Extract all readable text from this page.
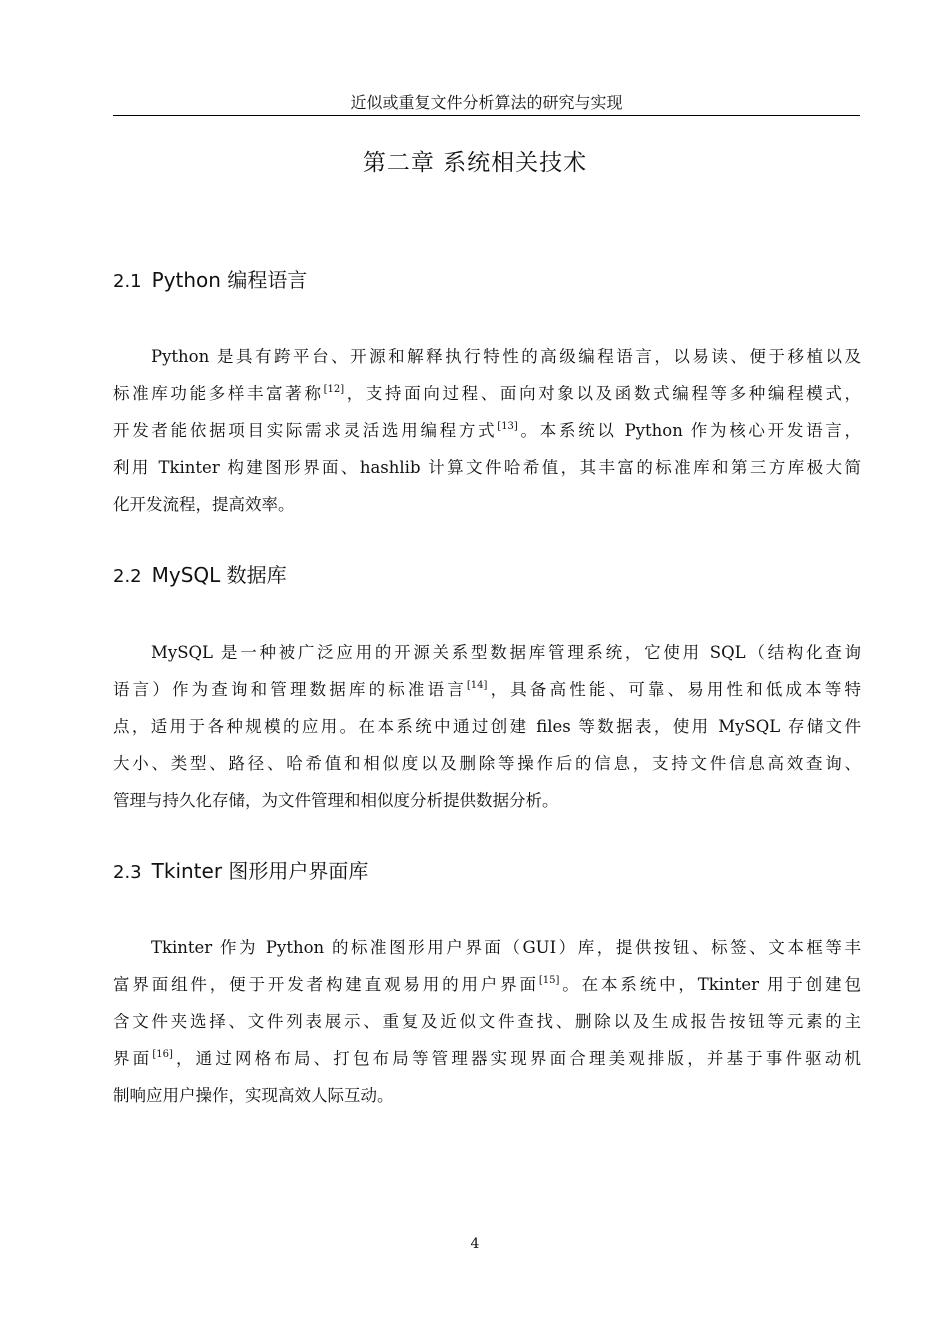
近似或重复文件分析算法的研究与实现
第二章 系统相关技术
2.1 Python 编程语言
Python 是具有跨平台、开源和解释执行特性的高级编程语言，以易读、便于移植以及
标准库功能多样丰富著称[12]，支持面向过程、面向对象以及函数式编程等多种编程模式，
开发者能依据项目实际需求灵活选用编程方式[13]。本系统以 Python 作为核心开发语言，
利用 Tkinter 构建图形界面、hashlib 计算文件哈希值，其丰富的标准库和第三方库极大简
化开发流程，提高效率。
2.2 MySQL 数据库
MySQL 是一种被广泛应用的开源关系型数据库管理系统，它使用 SQL（结构化查询
语言）作为查询和管理数据库的标准语言[14]，具备高性能、可靠、易用性和低成本等特
点，适用于各种规模的应用。在本系统中通过创建 files 等数据表，使用 MySQL 存储文件
大小、类型、路径、哈希值和相似度以及删除等操作后的信息，支持文件信息高效查询、
管理与持久化存储，为文件管理和相似度分析提供数据分析。
2.3 Tkinter 图形用户界面库
Tkinter 作为 Python 的标准图形用户界面（GUI）库，提供按钮、标签、文本框等丰
富界面组件，便于开发者构建直观易用的用户界面[15]。在本系统中，Tkinter 用于创建包
含文件夹选择、文件列表展示、重复及近似文件查找、删除以及生成报告按钮等元素的主
界面[16]，通过网格布局、打包布局等管理器实现界面合理美观排版，并基于事件驱动机
制响应用户操作，实现高效人际互动。
4
